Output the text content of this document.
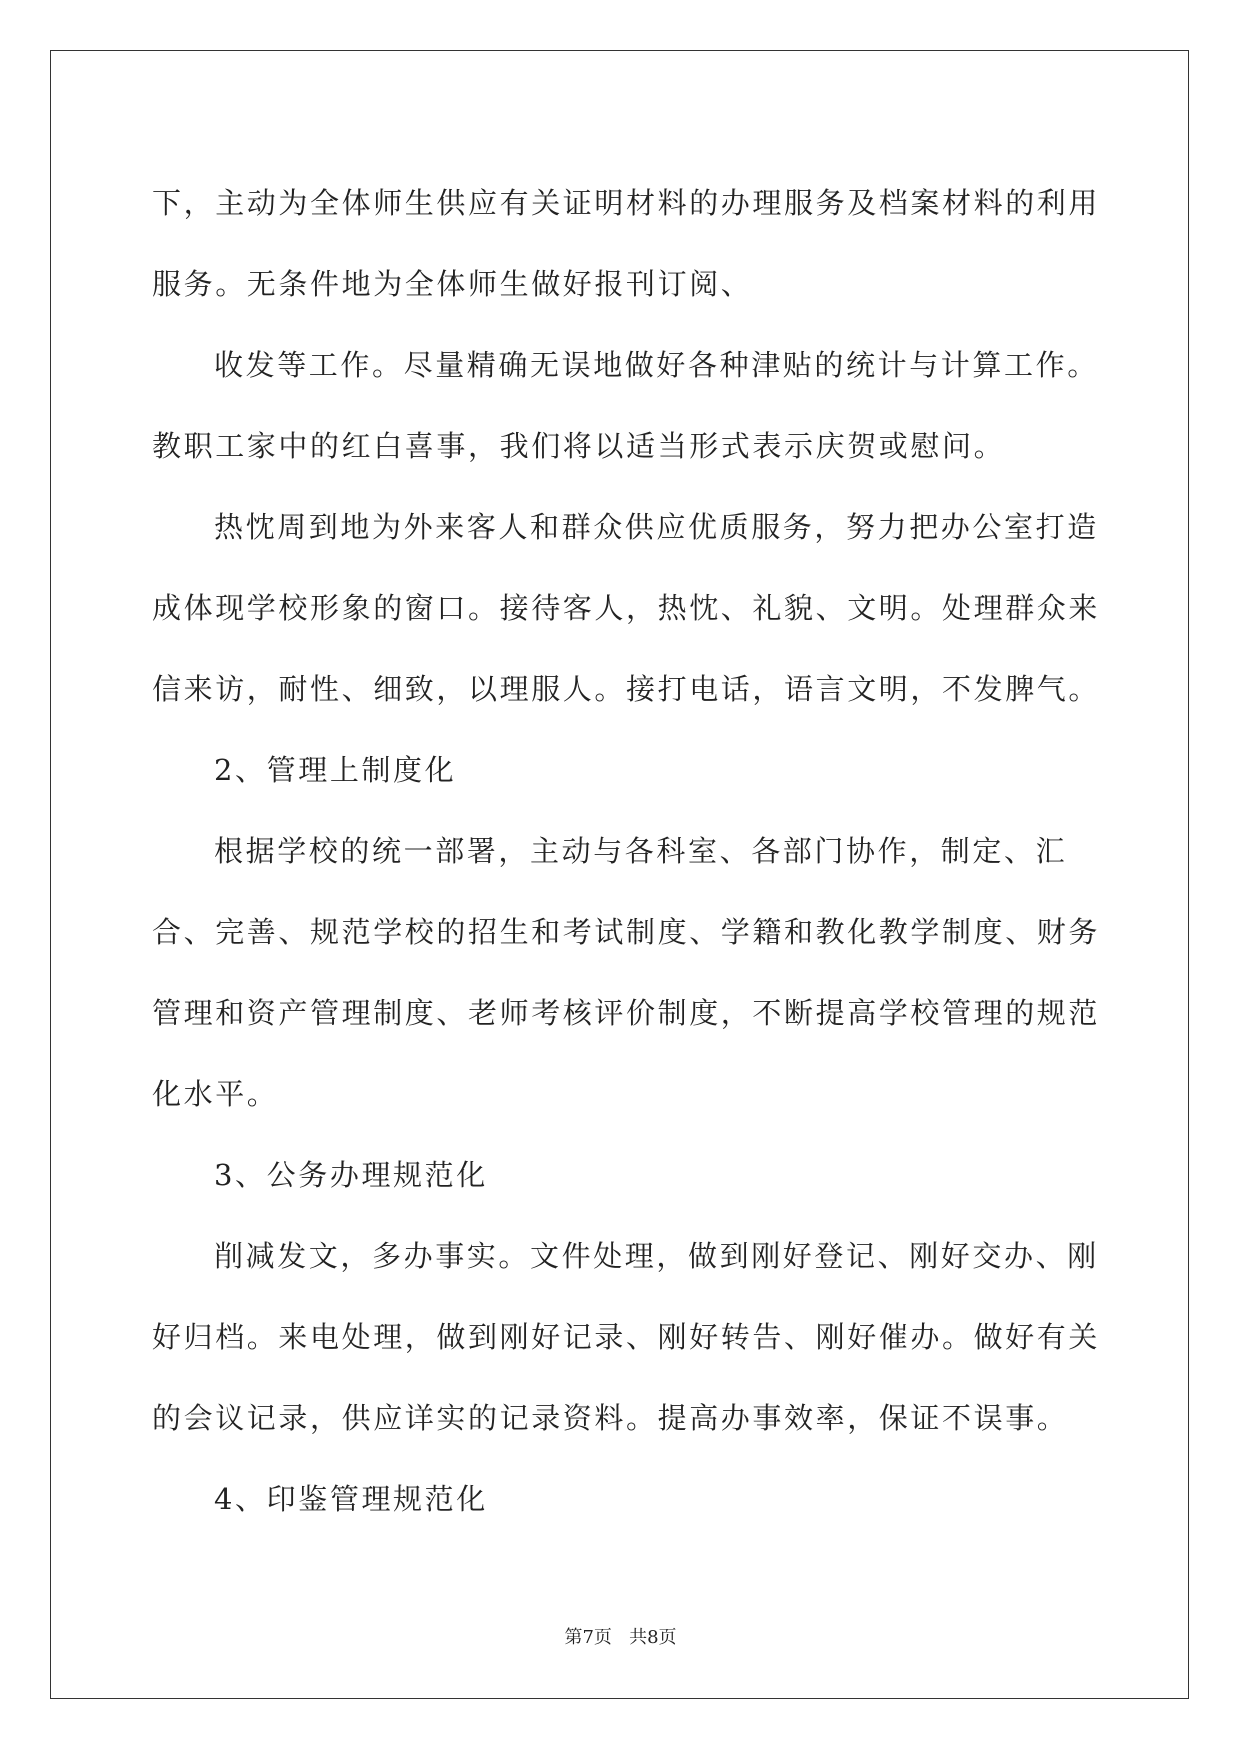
下，主动为全体师生供应有关证明材料的办理服务及档案材料的利用服务。无条件地为全体师生做好报刊订阅、

收发等工作。尽量精确无误地做好各种津贴的统计与计算工作。教职工家中的红白喜事，我们将以适当形式表示庆贺或慰问。

热忱周到地为外来客人和群众供应优质服务，努力把办公室打造成体现学校形象的窗口。接待客人，热忱、礼貌、文明。处理群众来信来访，耐性、细致，以理服人。接打电话，语言文明，不发脾气。

2、管理上制度化

根据学校的统一部署，主动与各科室、各部门协作，制定、汇合、完善、规范学校的招生和考试制度、学籍和教化教学制度、财务管理和资产管理制度、老师考核评价制度，不断提高学校管理的规范化水平。

3、公务办理规范化

削减发文，多办事实。文件处理，做到刚好登记、刚好交办、刚好归档。来电处理，做到刚好记录、刚好转告、刚好催办。做好有关的会议记录，供应详实的记录资料。提高办事效率，保证不误事。

4、印鉴管理规范化

第7页 共8页
